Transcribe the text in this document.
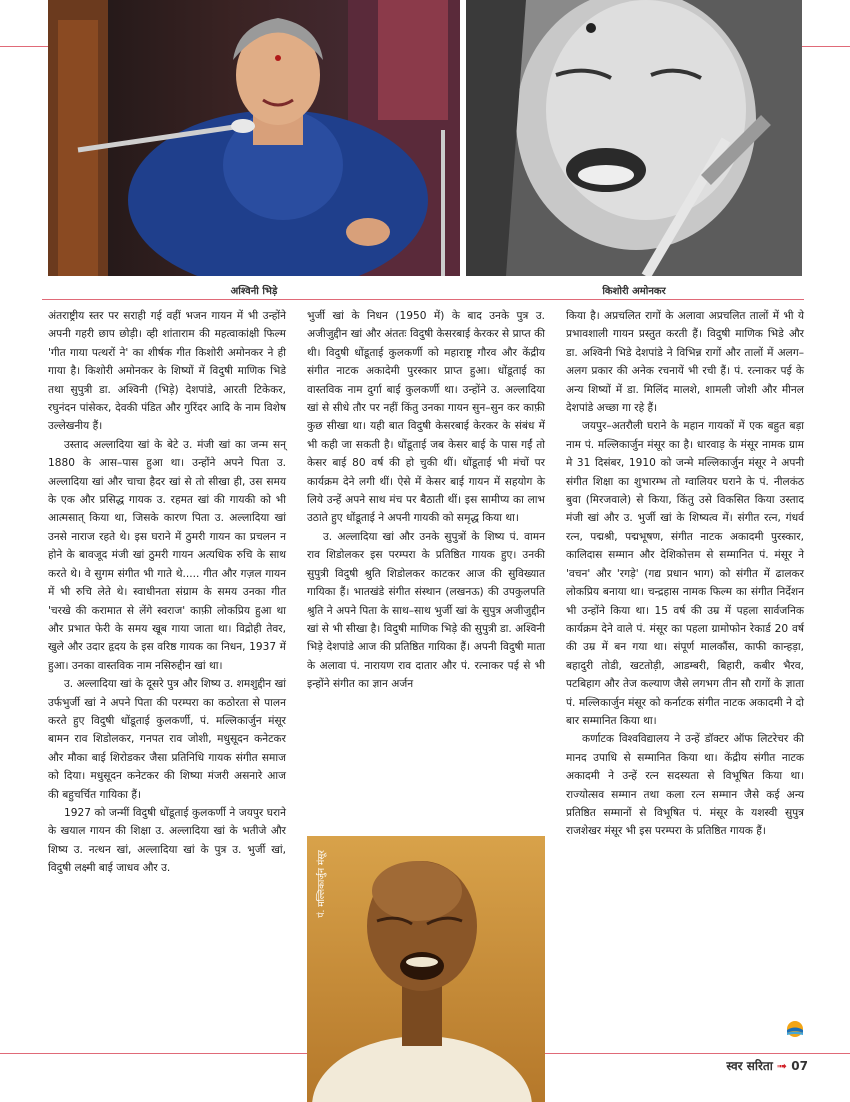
अश्विनी भिड़े	किशोरी अमोनकर

अंतराष्ट्रीय स्तर पर सराही गई वहीं भजन गायन में भी उन्होंने अपनी गहरी छाप छोड़ी। व्ही शांताराम की महत्वाकांक्षी फिल्म 'गीत गाया पत्थरों ने' का शीर्षक गीत किशोरी अमोनकर ने ही गाया है। किशोरी अमोनकर के शिष्यों में विदुषी माणिक भिडे तथा सुपुत्री डा. अश्विनी (भिड़े) देशपांडे, आरती टिकेकर, रघुनंदन पांसेकर, देवकी पंडित और गुरिंदर आदि के नाम विशेष उल्लेखनीय हैं।

उस्ताद अल्लादिया खां के बेटे उ. मंजी खां का जन्म सन् 1880 के आस–पास हुआ था। उन्होंने अपने पिता उ. अल्लादिया खां और चाचा हैदर खां से तो सीखा ही, उस समय के एक और प्रसिद्ध गायक उ. रहमत खां की गायकी को भी आत्मसात् किया था, जिसके कारण पिता उ. अल्लादिया खां उनसे नाराज रहते थे। इस घराने में ठुमरी गायन का प्रचलन न होने के बावजूद मंजी खां ठुमरी गायन अत्यधिक रुचि के साथ करते थे। वे सुगम संगीत भी गाते थे..... गीत और गज़ल गायन में भी रुचि लेते थे। स्वाधीनता संग्राम के समय उनका गीत 'चरखे की करामात से लेंगे स्वराज' काफ़ी लोकप्रिय हुआ था और प्रभात फेरी के समय खूब गाया जाता था। विद्रोही तेवर, खुले और उदार हृदय के इस वरिष्ठ गायक का निधन, 1937 में हुआ। उनका वास्तविक नाम नसिरुद्दीन खां था।

उ. अल्लादिया खां के दूसरे पुत्र और शिष्य उ. शमशुद्दीन खां उर्फभुर्जी खां ने अपने पिता की परम्परा का कठोरता से पालन करते हुए विदुषी धोंडूताई कुलकर्णी, पं. मल्लिकार्जुन मंसूर बामन राव शिडोलकर, गनपत राव जोशी, मधुसूदन कनेटकर और मौका बाई शिरोडकर जैसा प्रतिनिधि गायक संगीत समाज को दिया। मधुसूदन कनेटकर की शिष्या मंजरी असनारे आज की बहुचर्चित गायिका हैं।

1927 को जन्मीं विदुषी धोंडूताई कुलकर्णी ने जयपुर घराने के खयाल गायन की शिक्षा उ. अल्लादिया खां के भतीजे और शिष्य उ. नत्थन खां, अल्लादिया खां के पुत्र उ. भुर्जी खां, विदुषी लक्ष्मी बाई जाधव और उ.

भुर्जी खां के निधन (1950 में) के बाद उनके पुत्र उ. अजीजुद्दीन खां और अंततः विदुषी केसरबाई केरकर से प्राप्त की थी। विदुषी धोंडूताई कुलकर्णी को महाराष्ट्र गौरव और केंद्रीय संगीत नाटक अकादेमी पुरस्कार प्राप्त हुआ। धोंडूताई का वास्तविक नाम दुर्गा बाई कुलकर्णी था। उन्होंने उ. अल्लादिया खां से सीधे तौर पर नहीं किंतु उनका गायन सुन–सुन कर काफ़ी कुछ सीखा था। यही बात विदुषी केसरबाई केरकर के संबंध में भी कही जा सकती है। धोंडूताई जब केसर बाई के पास गईं तो केसर बाई 80 वर्ष की हो चुकी थीं। धोंडूताई भी मंचों पर कार्यक्रम देने लगी थीं। ऐसे में केसर बाई गायन में सहयोग के लिये उन्हें अपने साथ मंच पर बैठाती थीं। इस सामीप्य का लाभ उठाते हुए धोंडूताई ने अपनी गायकी को समृद्ध किया था।

उ. अल्लादिया खां और उनके सुपुत्रों के शिष्य पं. वामन राव शिडोलकर इस परम्परा के प्रतिष्ठित गायक हुए। उनकी सुपुत्री विदुषी श्रुति शिडोलकर काटकर आज की सुविख्यात गायिका हैं। भातखंडे संगीत संस्थान (लखनऊ) की उपकुलपति श्रुति ने अपने पिता के साथ–साथ भुर्जी खां के सुपुत्र अजीजुद्दीन खां से भी सीखा है। विदुषी माणिक भिड़े की सुपुत्री डा. अश्विनी भिड़े देशपांडे आज की प्रतिष्ठित गायिका हैं। अपनी विदुषी माता के अलावा पं. नारायण राव दातार और पं. रत्नाकर पई से भी इन्होंने संगीत का ज्ञान अर्जन

पं. मल्लिकार्जुन मंसूर

किया है। अप्रचलित रागों के अलावा अप्रचलित तालों में भी ये प्रभावशाली गायन प्रस्तुत करती हैं। विदुषी माणिक भिडे और डा. अश्विनी भिडे देशपांडे ने विभिन्न रागों और तालों में अलग–अलग प्रकार की अनेक रचनायें भी रची हैं। पं. रत्नाकर पई के अन्य शिष्यों में डा. मिलिंद मालशे, शामली जोशी और मीनल देशपांडे अच्छा गा रहे हैं।

जयपुर–अतरौली घराने के महान गायकों में एक बहुत बड़ा नाम पं. मल्लिकार्जुन मंसूर का है। धारवाड़ के मंसूर नामक ग्राम मे 31 दिसंबर, 1910 को जन्मे मल्लिकार्जुन मंसूर ने अपनी संगीत शिक्षा का शुभारम्भ तो ग्वालियर घराने के पं. नीलकंठ बुवा (मिरजवाले) से किया, किंतु उसे विकसित किया उस्ताद मंजी खां और उ. भुर्जी खां के शिष्यत्व में। संगीत रत्न, गंधर्व रत्न, पद्मश्री, पद्मभूषण, संगीत नाटक अकादमी पुरस्कार, कालिदास सम्मान और देशिकोत्तम से सम्मानित पं. मंसूर ने 'वचन' और 'रगड़े' (गद्य प्रधान भाग) को संगीत में ढालकर लोकप्रिय बनाया था। चन्द्रहास नामक फिल्म का संगीत निर्देशन भी उन्होंने किया था। 15 वर्ष की उम्र में पहला सार्वजनिक कार्यक्रम देने वाले पं. मंसूर का पहला ग्रामोफोन रेकार्ड 20 वर्ष की उम्र में बन गया था। संपूर्ण मालकौंस, काफी कान्हड़ा, बहादुरी तोडी, खटतोड़ी, आडम्बरी, बिहारी, कबीर भैरव, पटबिहाग और तेज कल्याण जैसे लगभग तीन सौ रागों के ज्ञाता पं. मल्लिकार्जुन मंसूर को कर्नाटक संगीत नाटक अकादमी ने दो बार सम्मानित किया था।

कर्णाटक विश्वविद्यालय ने उन्हें डॉक्टर ऑफ लिटरेचर की मानद उपाधि से सम्मानित किया था। केंद्रीय संगीत नाटक अकादमी ने उन्हें रत्न सदस्यता से विभूषित किया था। राज्योत्सव सम्मान तथा कला रत्न सम्मान जैसे कई अन्य प्रतिष्ठित सम्मानों से विभूषित पं. मंसूर के यशस्वी सुपुत्र राजशेखर मंसूर भी इस परम्परा के प्रतिष्ठित गायक हैं।

स्वर सरिता ➟ 07
